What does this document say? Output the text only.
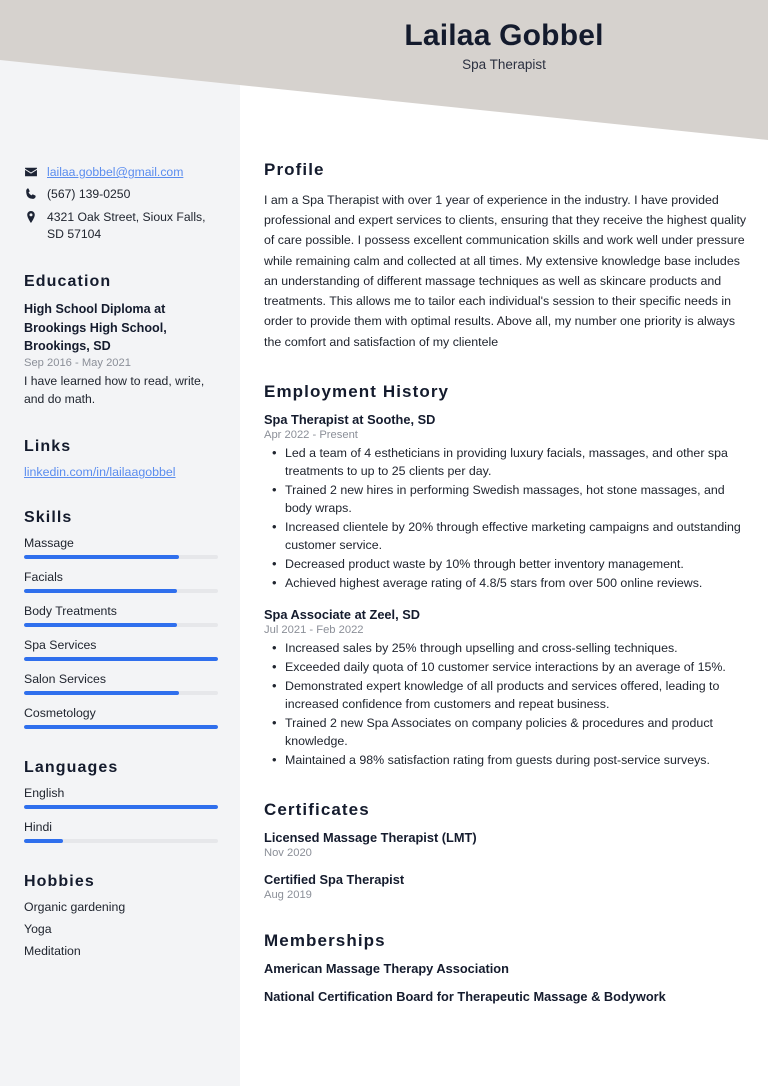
Lailaa Gobbel
Spa Therapist
lailaa.gobbel@gmail.com
(567) 139-0250
4321 Oak Street, Sioux Falls, SD 57104
Education
High School Diploma at Brookings High School, Brookings, SD
Sep 2016 - May 2021
I have learned how to read, write, and do math.
Links
linkedin.com/in/lailaagobbel
Skills
Massage
Facials
Body Treatments
Spa Services
Salon Services
Cosmetology
Languages
English
Hindi
Hobbies
Organic gardening
Yoga
Meditation
Profile
I am a Spa Therapist with over 1 year of experience in the industry. I have provided professional and expert services to clients, ensuring that they receive the highest quality of care possible. I possess excellent communication skills and work well under pressure while remaining calm and collected at all times. My extensive knowledge base includes an understanding of different massage techniques as well as skincare products and treatments. This allows me to tailor each individual's session to their specific needs in order to provide them with optimal results. Above all, my number one priority is always the comfort and satisfaction of my clientele
Employment History
Spa Therapist at Soothe, SD
Apr 2022 - Present
• Led a team of 4 estheticians in providing luxury facials, massages, and other spa treatments to up to 25 clients per day.
• Trained 2 new hires in performing Swedish massages, hot stone massages, and body wraps.
• Increased clientele by 20% through effective marketing campaigns and outstanding customer service.
• Decreased product waste by 10% through better inventory management.
• Achieved highest average rating of 4.8/5 stars from over 500 online reviews.
Spa Associate at Zeel, SD
Jul 2021 - Feb 2022
• Increased sales by 25% through upselling and cross-selling techniques.
• Exceeded daily quota of 10 customer service interactions by an average of 15%.
• Demonstrated expert knowledge of all products and services offered, leading to increased confidence from customers and repeat business.
• Trained 2 new Spa Associates on company policies & procedures and product knowledge.
• Maintained a 98% satisfaction rating from guests during post-service surveys.
Certificates
Licensed Massage Therapist (LMT)
Nov 2020
Certified Spa Therapist
Aug 2019
Memberships
American Massage Therapy Association
National Certification Board for Therapeutic Massage & Bodywork
